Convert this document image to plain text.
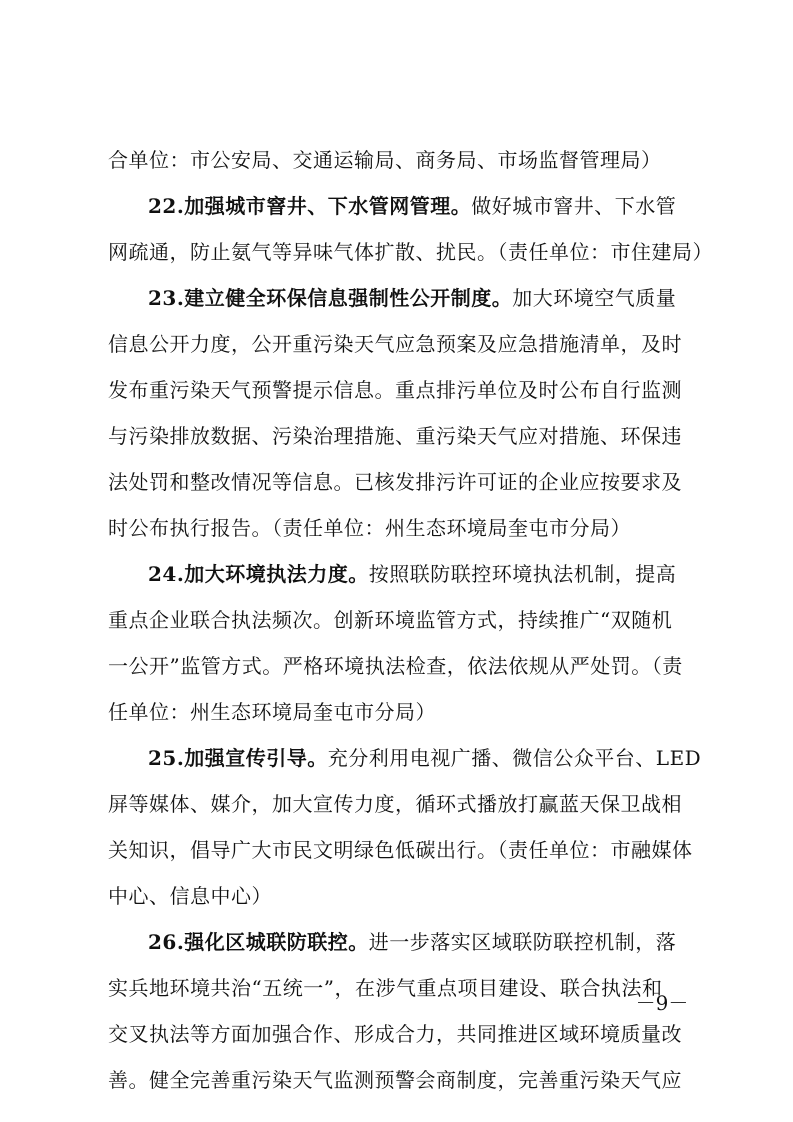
合单位：市公安局、交通运输局、商务局、市场监督管理局）
22.加强城市窨井、下水管网管理。做好城市窨井、下水管
网疏通，防止氨气等异味气体扩散、扰民。（责任单位：市住建局）
23.建立健全环保信息强制性公开制度。加大环境空气质量
信息公开力度，公开重污染天气应急预案及应急措施清单，及时
发布重污染天气预警提示信息。重点排污单位及时公布自行监测
与污染排放数据、污染治理措施、重污染天气应对措施、环保违
法处罚和整改情况等信息。已核发排污许可证的企业应按要求及
时公布执行报告。（责任单位：州生态环境局奎屯市分局）
24.加大环境执法力度。按照联防联控环境执法机制，提高
重点企业联合执法频次。创新环境监管方式，持续推广“双随机
一公开”监管方式。严格环境执法检查，依法依规从严处罚。（责
任单位：州生态环境局奎屯市分局）
25.加强宣传引导。充分利用电视广播、微信公众平台、LED
屏等媒体、媒介，加大宣传力度，循环式播放打赢蓝天保卫战相
关知识，倡导广大市民文明绿色低碳出行。（责任单位：市融媒体
中心、信息中心）
26.强化区城联防联控。进一步落实区域联防联控机制，落
实兵地环境共治“五统一”，在涉气重点项目建设、联合执法和
交叉执法等方面加强合作、形成合力，共同推进区域环境质量改
善。健全完善重污染天气监测预警会商制度，完善重污染天气应
－9－
